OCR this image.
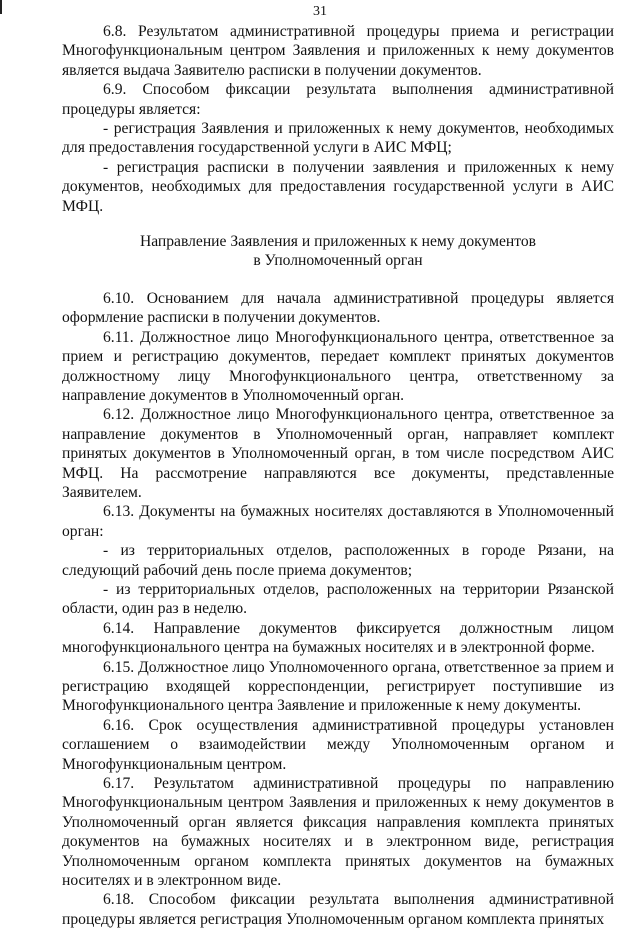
31

6.8. Результатом административной процедуры приема и регистрации Многофункциональным центром Заявления и приложенных к нему документов является выдача Заявителю расписки в получении документов.

6.9. Способом фиксации результата выполнения административной процедуры является:

- регистрация Заявления и приложенных к нему документов, необходимых для предоставления государственной услуги в АИС МФЦ;

- регистрация расписки в получении заявления и приложенных к нему документов, необходимых для предоставления государственной услуги в АИС МФЦ.

Направление Заявления и приложенных к нему документов
в Уполномоченный орган

6.10. Основанием для начала административной процедуры является оформление расписки в получении документов.

6.11. Должностное лицо Многофункционального центра, ответственное за прием и регистрацию документов, передает комплект принятых документов должностному лицу Многофункционального центра, ответственному за направление документов в Уполномоченный орган.

6.12. Должностное лицо Многофункционального центра, ответственное за направление документов в Уполномоченный орган, направляет комплект принятых документов в Уполномоченный орган, в том числе посредством АИС МФЦ. На рассмотрение направляются все документы, представленные Заявителем.

6.13. Документы на бумажных носителях доставляются в Уполномоченный орган:

- из территориальных отделов, расположенных в городе Рязани, на следующий рабочий день после приема документов;

- из территориальных отделов, расположенных на территории Рязанской области, один раз в неделю.

6.14. Направление документов фиксируется должностным лицом многофункционального центра на бумажных носителях и в электронной форме.

6.15. Должностное лицо Уполномоченного органа, ответственное за прием и регистрацию входящей корреспонденции, регистрирует поступившие из Многофункционального центра Заявление и приложенные к нему документы.

6.16. Срок осуществления административной процедуры установлен соглашением о взаимодействии между Уполномоченным органом и Многофункциональным центром.

6.17. Результатом административной процедуры по направлению Многофункциональным центром Заявления и приложенных к нему документов в Уполномоченный орган является фиксация направления комплекта принятых документов на бумажных носителях и в электронном виде, регистрация Уполномоченным органом комплекта принятых документов на бумажных носителях и в электронном виде.

6.18. Способом фиксации результата выполнения административной процедуры является регистрация Уполномоченным органом комплекта принятых
